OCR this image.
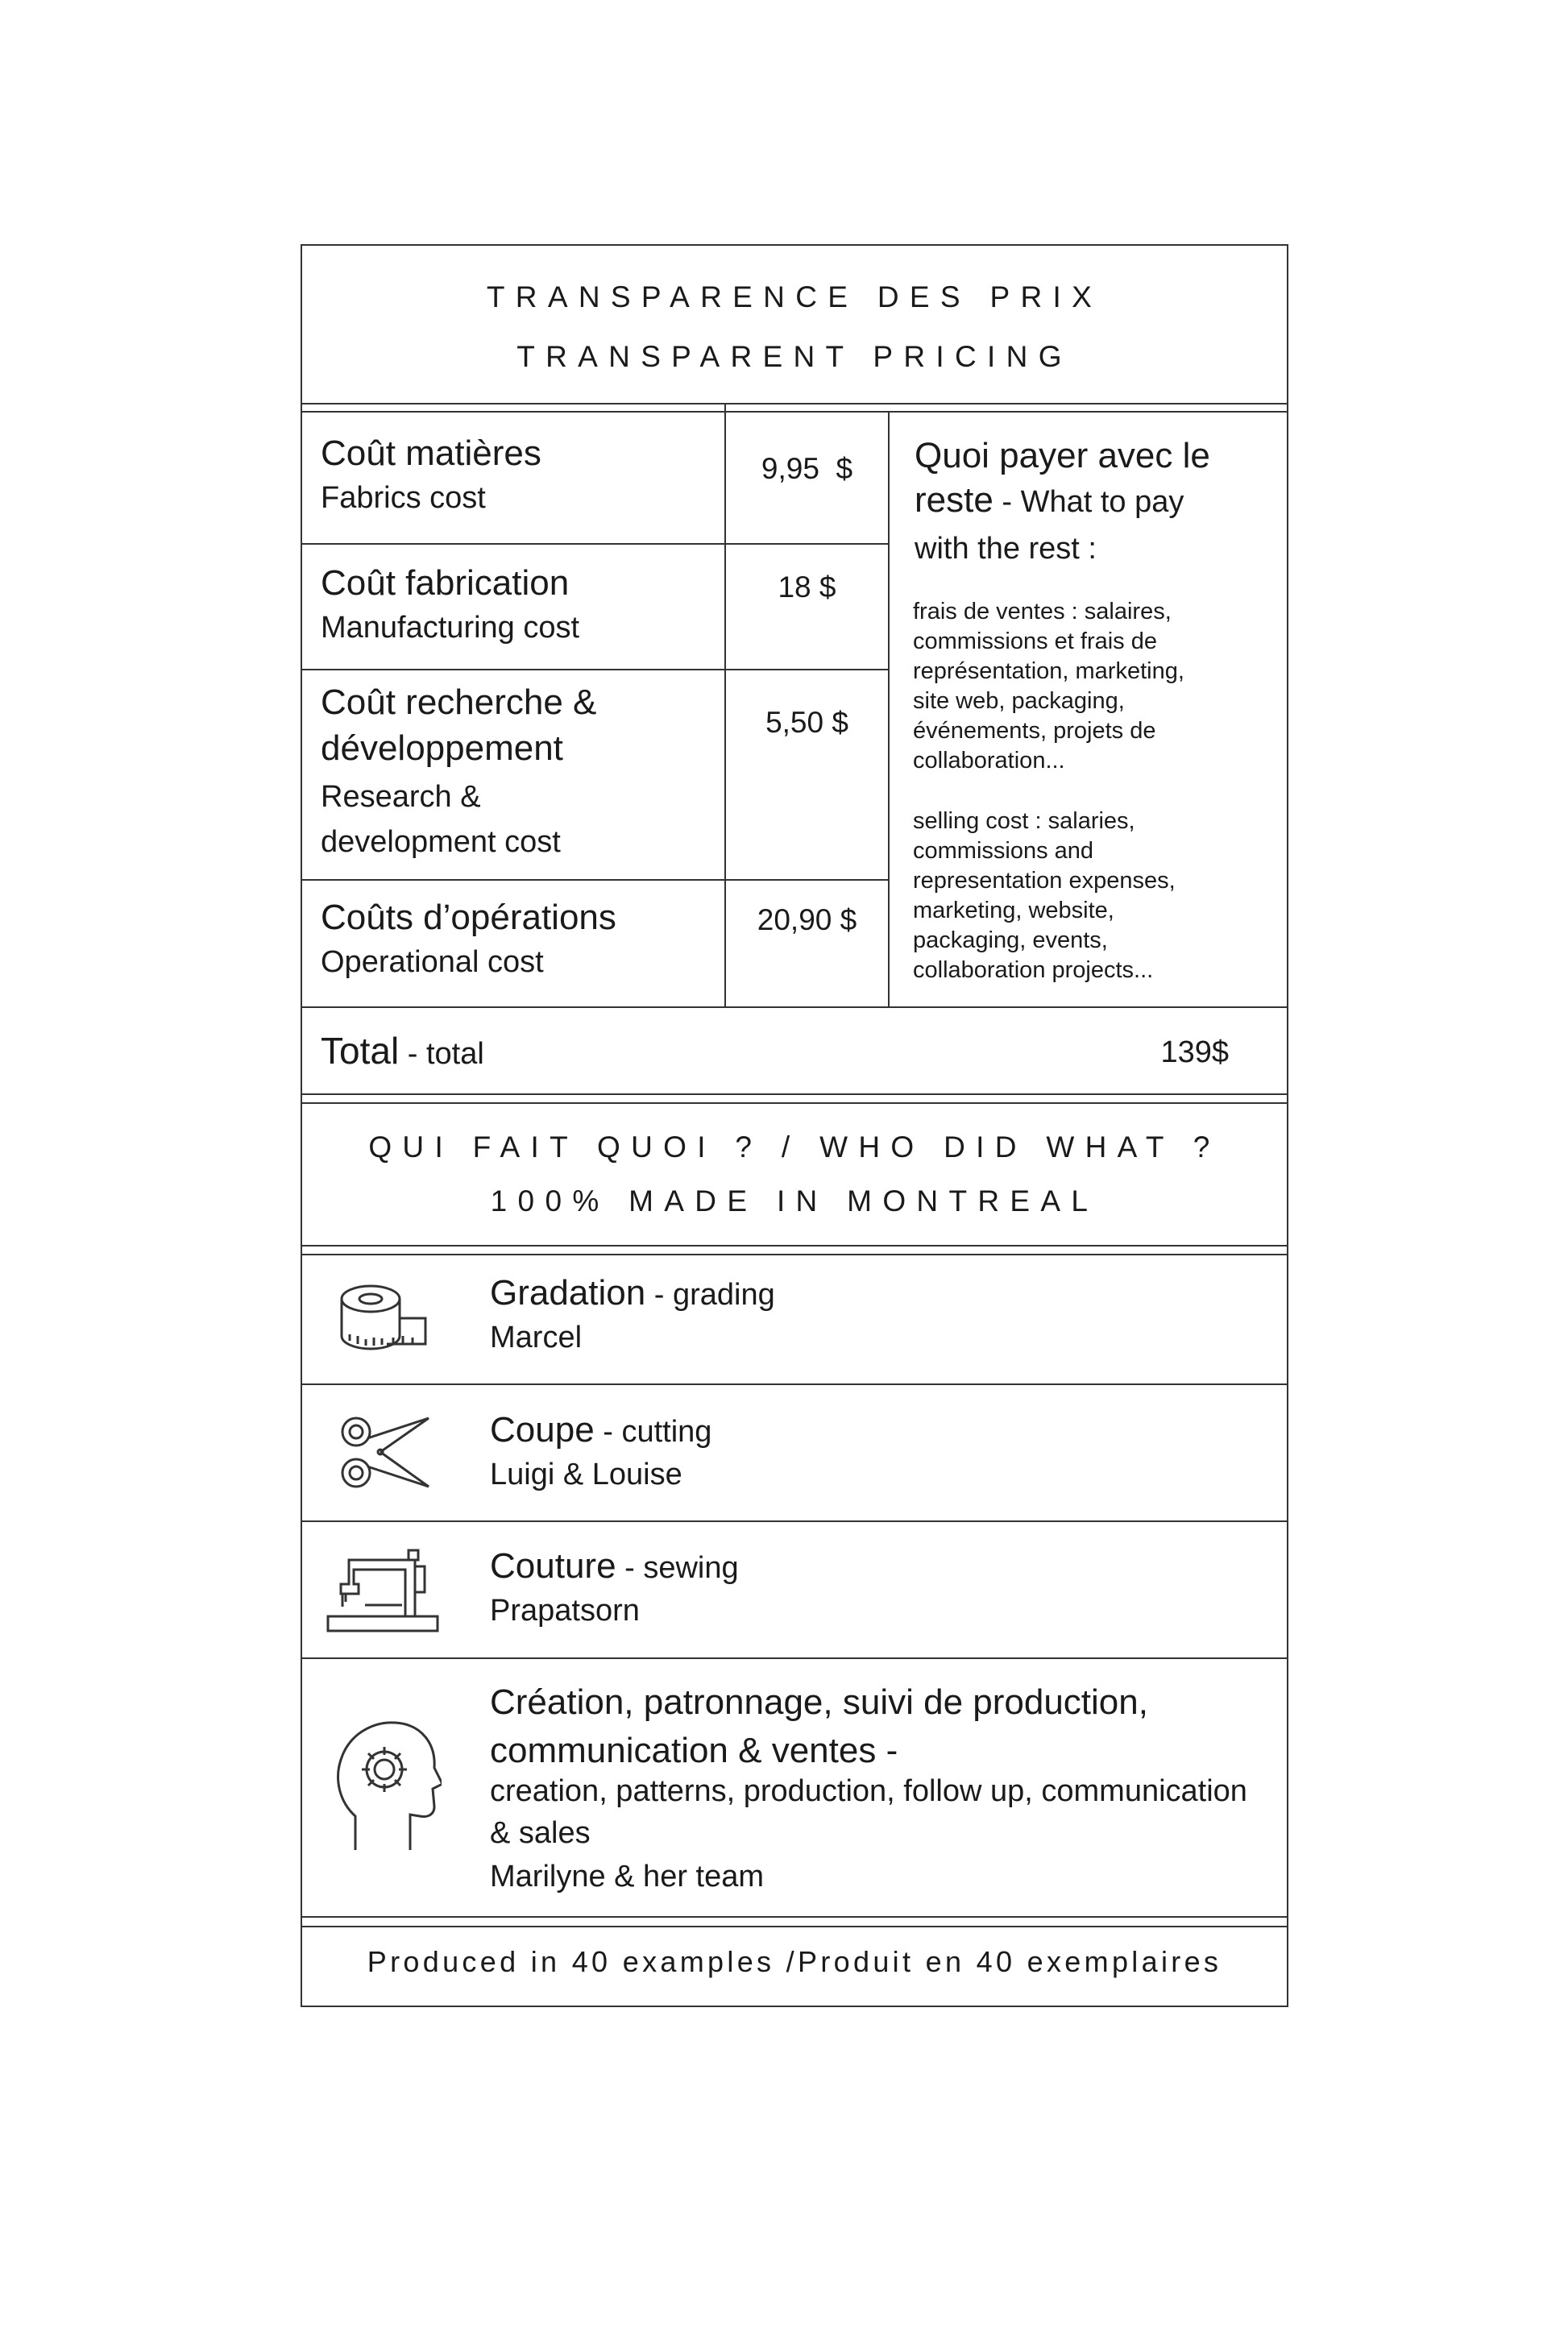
TRANSPARENCE DES PRIX
TRANSPARENT PRICING
Coût matières
Fabrics cost
9,95  $
Coût fabrication
Manufacturing cost
18 $
Coût recherche & développement
Research & development cost
5,50 $
Coûts d’opérations
Operational cost
20,90 $
Quoi payer avec le
reste - What to pay
with the rest :
frais de ventes : salaires, commissions et frais de représentation, marketing, site web, packaging, événements, projets de collaboration...
selling cost : salaries, commissions and representation expenses, marketing, website, packaging, events, collaboration projects...
Total - total	139$
QUI FAIT QUOI ? / WHO DID WHAT ?
100% MADE IN MONTREAL
Gradation - grading
Marcel
Coupe - cutting
Luigi & Louise
Couture - sewing
Prapatsorn
Création, patronnage, suivi de production, communication & ventes -
creation, patterns, production, follow up, communication & sales
Marilyne & her team
Produced in 40 examples /Produit en 40 exemplaires
